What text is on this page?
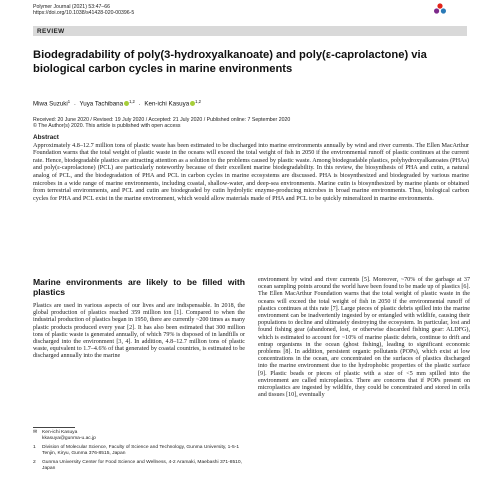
Polymer Journal (2021) 53:47–66
https://doi.org/10.1038/s41428-020-00396-5
REVIEW
Biodegradability of poly(3-hydroxyalkanoate) and poly(ε-caprolactone) via biological carbon cycles in marine environments
Miwa Suzuki$^1$ · Yuya Tachibana $^{1,2}$ · Ken-ichi Kasuya $^{1,2}$
Received: 20 June 2020 / Revised: 19 July 2020 / Accepted: 21 July 2020 / Published online: 7 September 2020
© The Author(s) 2020. This article is published with open access
Abstract
Approximately 4.8–12.7 million tons of plastic waste has been estimated to be discharged into marine environments annually by wind and river currents. The Ellen MacArthur Foundation warns that the total weight of plastic waste in the oceans will exceed the total weight of fish in 2050 if the environmental runoff of plastic continues at the current rate. Hence, biodegradable plastics are attracting attention as a solution to the problems caused by plastic waste. Among biodegradable plastics, polyhydroxyalkanoates (PHAs) and poly(ε-caprolactone) (PCL) are particularly noteworthy because of their excellent marine biodegradability. In this review, the biosynthesis of PHA and cutin, a natural analog of PCL, and the biodegradation of PHA and PCL in carbon cycles in marine ecosystems are discussed. PHA is biosynthesized and biodegraded by various marine microbes in a wide range of marine environments, including coastal, shallow-water, and deep-sea environments. Marine cutin is biosynthesized by marine plants or obtained from terrestrial environments, and PCL and cutin are biodegraded by cutin hydrolytic enzyme-producing microbes in broad marine environments. Thus, biological carbon cycles for PHA and PCL exist in the marine environment, which would allow materials made of PHA and PCL to be quickly mineralized in marine environments.
Marine environments are likely to be filled with plastics

Plastics are used in various aspects of our lives and are indispensable. In 2018, the global production of plastics reached 359 million ton [1]. Compared to when the industrial production of plastics began in 1950, there are currently ~200 times as many plastic products produced every year [2]. It has also been estimated that 300 million tons of plastic waste is generated annually, of which 79% is disposed of in landfills or discharged into the environment [3, 4]. In addition, 4.8–12.7 million tons of plastic waste, equivalent to 1.7–4.6% of that generated by coastal countries, is estimated to be discharged annually into the marine

environment by wind and river currents [5]. Moreover, ~70% of the garbage at 37 ocean sampling points around the world have been found to be made up of plastics [6]. The Ellen MacArthur Foundation warns that the total weight of plastic waste in the oceans will exceed the total weight of fish in 2050 if the environmental runoff of plastics continues at this rate [7]. Large pieces of plastic debris spilled into the marine environment can be inadvertently ingested by or entangled with wildlife, causing their populations to decline and ultimately destroying the ecosystem. In particular, lost and found fishing gear (abandoned, lost, or otherwise discarded fishing gear: ALDFG), which is estimated to account for ~10% of marine plastic debris, continue to drift and entrap organisms in the ocean (ghost fishing), leading to significant economic problems [8]. In addition, persistent organic pollutants (POPs), which exist at low concentrations in the ocean, are concentrated on the surfaces of plastics discharged into the marine environment due to the hydrophobic properties of the plastic surface [9]. Plastic beads or pieces of plastic with a size of <5 mm spilled into the environment are called microplastics. There are concerns that if POPs present on microplastics are ingested by wildlife, they could be concentrated and stored in cells and tissues [10], eventually

✉ Ken-ichi Kasuya
kkasuya@gunma-u.ac.jp
1	Division of Molecular Science, Faculty of Science and Technology, Gunma University, 1-5-1 Tenjin, Kiryu, Gunma 376-8515, Japan
2	Gunma University Center for Food Science and Wellness, 4-2 Aramaki, Maebashi 371-8510, Japan
